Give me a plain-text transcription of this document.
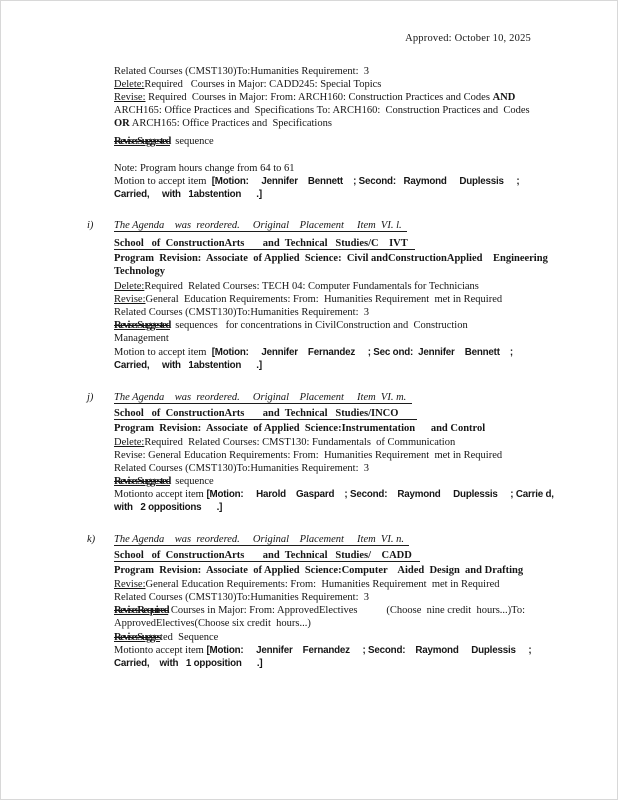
Approved: October 10, 2025
Related Courses (CMST130)To:Humanities Requirement:  3
Delete:Required   Courses in Major: CADD245: Special Topics
Revise: Required  Courses in Major: From: ARCH160: Construction Practices and Codes AND
ARCH165: Office Practices and  Specifications To: ARCH160:  Construction Practices and  Codes
OR ARCH165: Office Practices and  Specifications
Revise:Suggested  sequence
Note: Program hours change from 64 to 61
Motion to accept item  [Motion:     Jennifer    Bennett    ; Second:   Raymond     Duplessis     ;
Carried,     with   1abstention      .]
i) The Agenda    was  reordered.     Original    Placement     Item  VI. l.
School   of  ConstructionArts       and  Technical   Studies/C    IVT
Program  Revision:  Associate  of Applied  Science:  Civil andConstructionApplied    Engineering
Technology
Delete:Required  Related Courses: TECH 04: Computer Fundamentals for Technicians
Revise:General  Education Requirements: From:  Humanities Requirement  met in Required
Related Courses (CMST130)To:Humanities Requirement:  3
Revise:Suggested  sequences   for concentrations in CivilConstruction and  Construction
Management
Motion to accept item  [Motion:     Jennifer    Fernandez     ; Sec ond:  Jennifer    Bennett    ;
Carried,     with   1abstention      .]
j) The Agenda    was  reordered.     Original    Placement     Item  VI. m.
School   of  ConstructionArts       and  Technical   Studies/INCO
Program  Revision:  Associate  of Applied  Science:Instrumentation      and Control
Delete:Required  Related Courses: CMST130: Fundamentals  of Communication
Revise: General Education Requirements: From:  Humanities Requirement  met in Required
Related Courses (CMST130)To:Humanities Requirement:  3
Revise:Suggested  sequence
Motionto accept item [Motion:     Harold    Gaspard    ; Second:    Raymond     Duplessis     ; Carrie d,
with   2 oppositions      .]
k) The Agenda    was  reordered.     Original    Placement     Item  VI. n.
School   of  ConstructionArts       and  Technical   Studies/    CADD
Program  Revision:  Associate  of Applied  Science:Computer    Aided  Design  and Drafting
Revise:General Education Requirements: From:  Humanities Requirement  met in Required
Related Courses (CMST130)To:Humanities Requirement:  3
Revise:Required Courses in Major: From: ApprovedElectives           (Choose  nine credit  hours...)To:
ApprovedElectives(Choose six credit  hours...)
Revise:Suggested  Sequence
Motionto accept item [Motion:     Jennifer    Fernandez     ; Second:    Raymond     Duplessis     ;
Carried,    with   1 opposition      .]
